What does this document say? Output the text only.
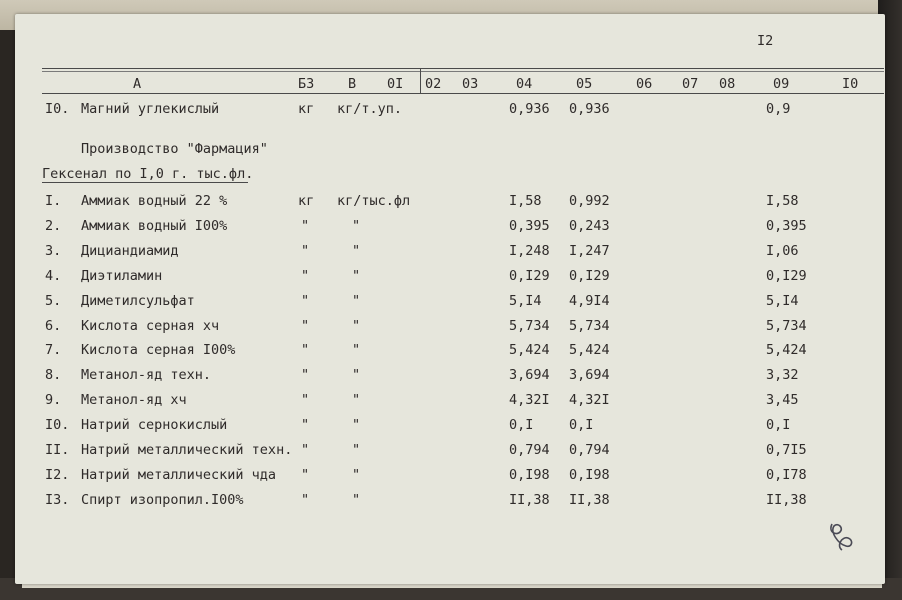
I2
А	БЗ В 0I 02 03	04	05	06 07 08	09	I0
I0. Магний углекислый	кг кг/т.уп.	0,936 0,936	0,9
Производство "Фармация"
Гексенал по I,0 г. тыс.фл.
I. Аммиак водный 22 %	кг кг/тыс.фл	I,58 0,992	I,58
2. Аммиак водный I00%	"	"	0,395 0,243	0,395
3. Дициандиамид	"	"	I,248 I,247	I,06
4. Диэтиламин	"	"	0,I29 0,I29	0,I29
5. Диметилсульфат	"	"	5,I4 4,9I4	5,I4
6. Кислота серная хч	"	"	5,734 5,734	5,734
7. Кислота серная I00%	"	"	5,424 5,424	5,424
8. Метанол-яд техн.	"	"	3,694 3,694	3,32
9. Метанол-яд хч	"	"	4,32I 4,32I	3,45
I0. Натрий сернокислый	"	"	0,I	0,I	0,I
II. Натрий металлический техн. "	"	0,794 0,794	0,7I5
I2. Натрий металлический чда "	"	0,I98 0,I98	0,I78
I3. Спирт изопропил.I00%	"	"	II,38 II,38	II,38
